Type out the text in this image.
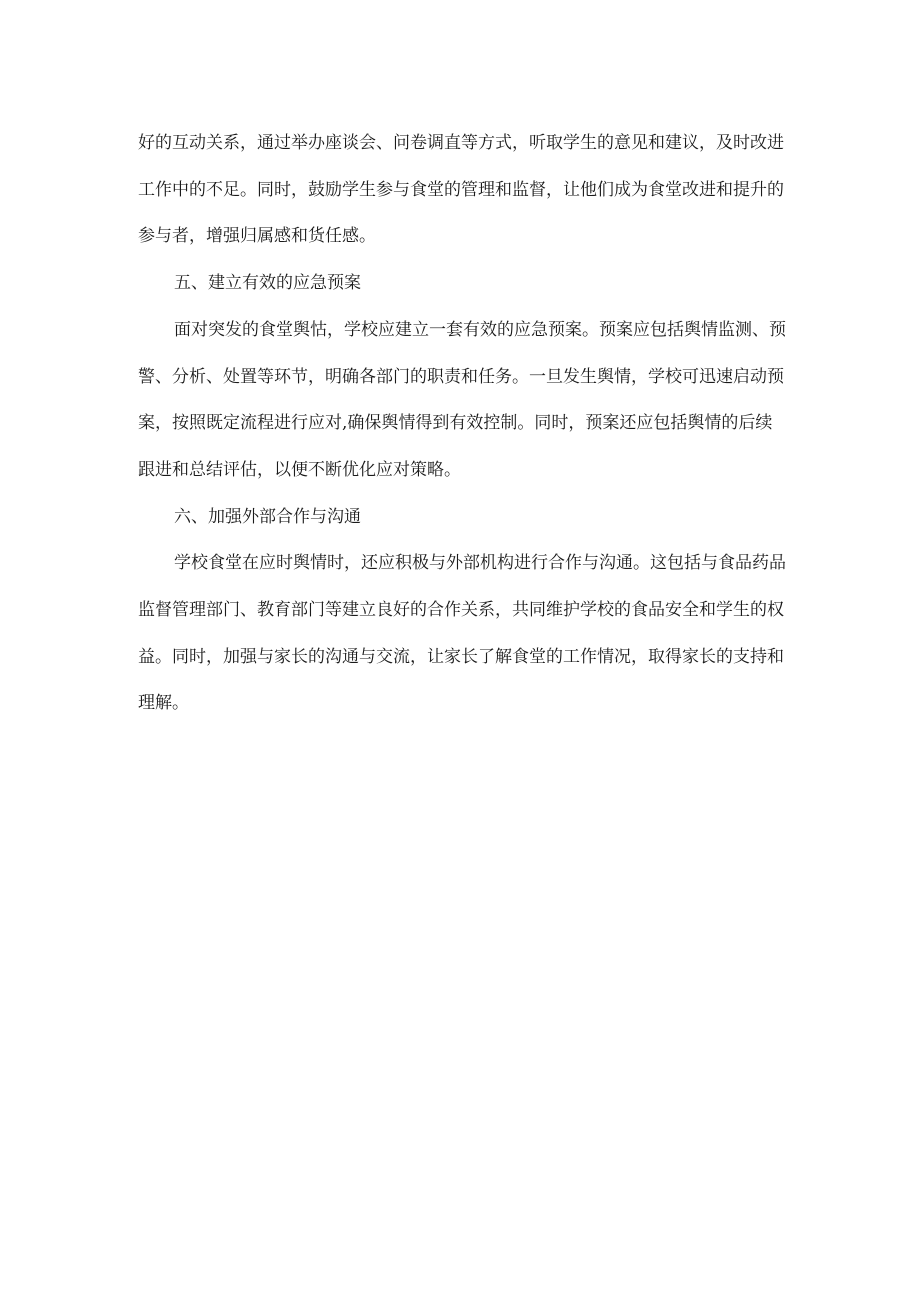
好的互动关系，通过举办座谈会、问卷调直等方式，听取学生的意见和建议，及时改进
工作中的不足。同时，鼓励学生参与食堂的管理和监督，让他们成为食堂改进和提升的
参与者，增强归属感和货任感。

五、建立有效的应急预案

面对突发的食堂舆怙，学校应建立一套有效的应急预案。预案应包括舆情监测、预
警、分析、处置等环节，明确各部门的职责和任务。一旦发生舆情，学校可迅速启动预
案，按照既定流程进行应对,确保舆情得到有效控制。同时，预案还应包括舆情的后续
跟进和总结评估，以便不断优化应对策略。

六、加强外部合作与沟通

学校食堂在应时舆情时，还应积极与外部机构进行合作与沟通。这包括与食品药品
监督管理部门、教育部门等建立良好的合作关系，共同维护学校的食品安全和学生的权
益。同时，加强与家长的沟通与交流，让家长了解食堂的工作情况，取得家长的支持和
理解。
